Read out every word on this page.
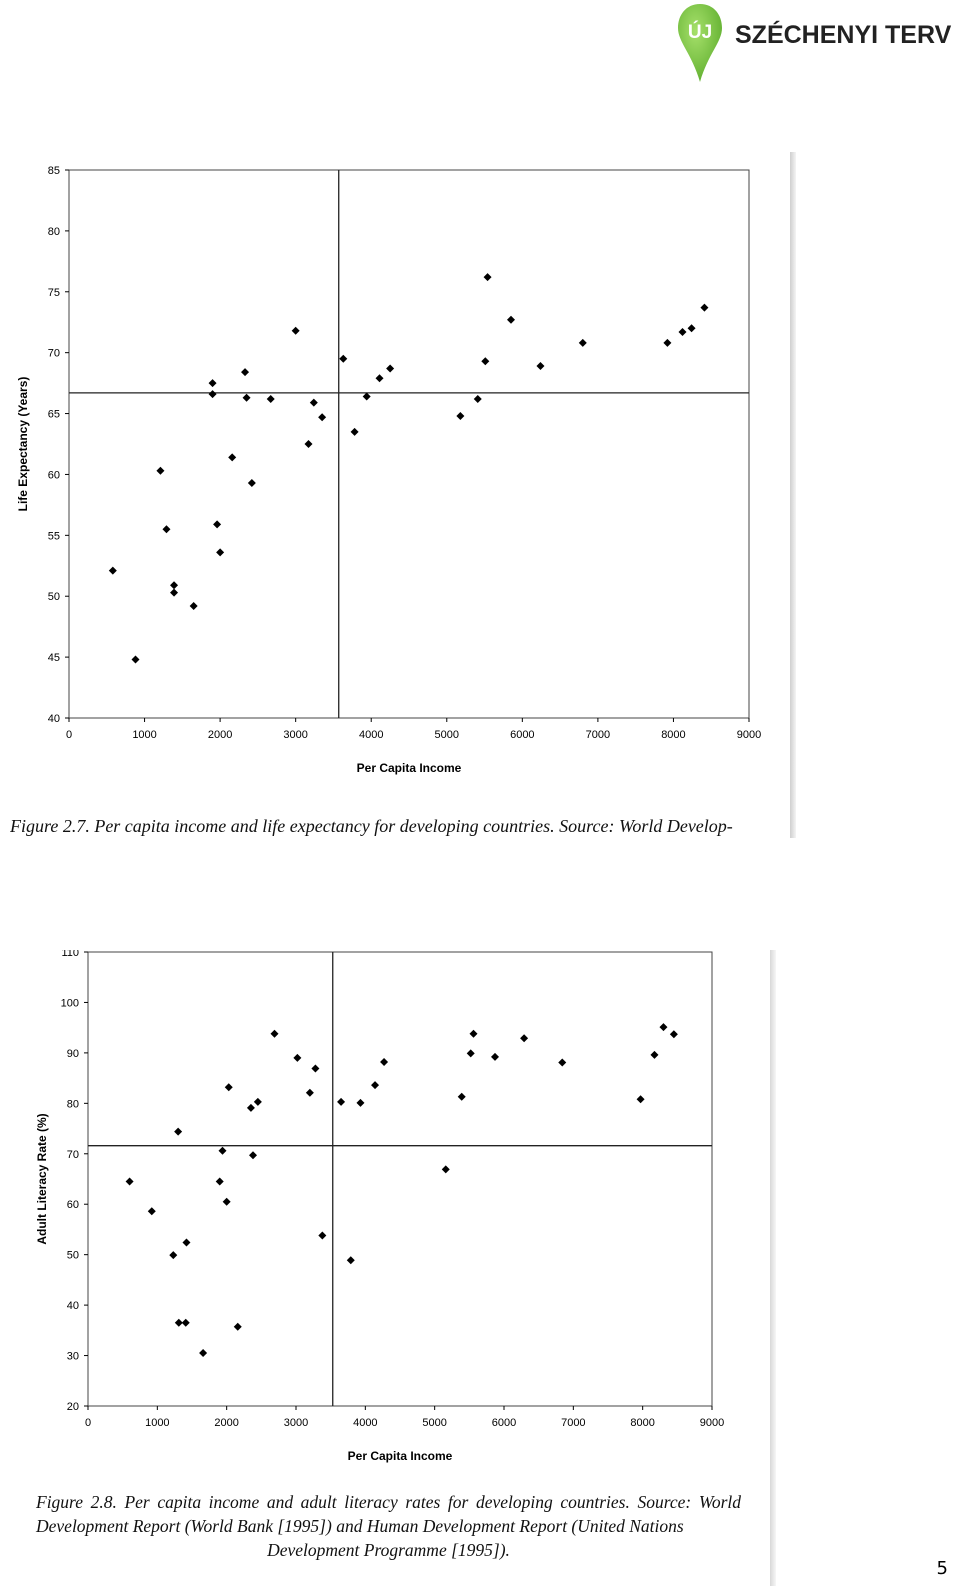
ÚJ SZÉCHENYI TERV
40
45
50
55
60
65
70
75
80
85
0	1000	2000	3000	4000	5000	6000	7000	8000	9000
Per Capita Income
Life Expectancy (Years)
Figure 2.7. Per capita income and life expectancy for developing countries. Source: World Develop-
20
30
40
50
60
70
80
90
100
110
0	1000	2000	3000	4000	5000	6000	7000	8000	9000
Per Capita Income
Adult Literacy Rate (%)
Figure 2.8. Per capita income and adult literacy rates for developing countries. Source: World Development Report (World Bank [1995]) and Human Development Report (United Nations
Development Programme [1995]).
5
